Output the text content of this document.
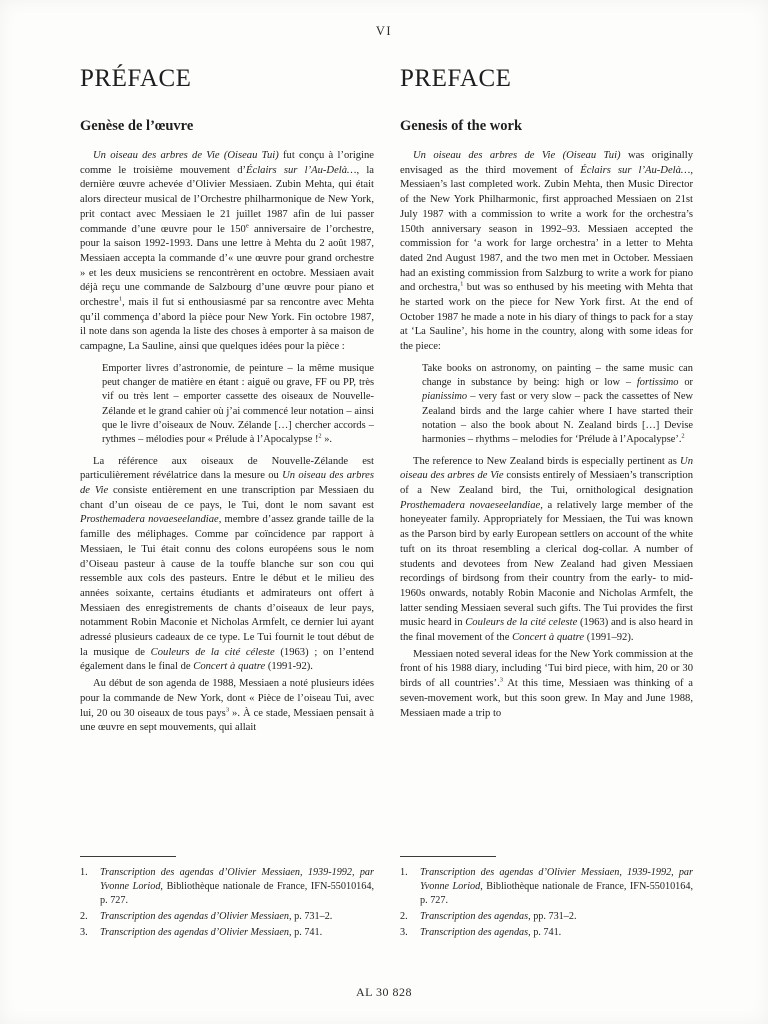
VI
PRÉFACE
Genèse de l’œuvre

Un oiseau des arbres de Vie (Oiseau Tui) fut conçu à l’origine comme le troisième mouvement d’Éclairs sur l’Au-Delà…, la dernière œuvre achevée d’Olivier Messiaen. Zubin Mehta, qui était alors directeur musical de l’Orchestre philharmonique de New York, prit contact avec Messiaen le 21 juillet 1987 afin de lui passer commande d’une œuvre pour le 150e anniversaire de l’orchestre, pour la saison 1992-1993. Dans une lettre à Mehta du 2 août 1987, Messiaen accepta la commande d’« une œuvre pour grand orchestre » et les deux musiciens se rencontrèrent en octobre. Messiaen avait déjà reçu une commande de Salzbourg d’une œuvre pour piano et orchestre$^1$, mais il fut si enthousiasmé par sa rencontre avec Mehta qu’il commença d’abord la pièce pour New York. Fin octobre 1987, il note dans son agenda la liste des choses à emporter à sa maison de campagne, La Sauline, ainsi que quelques idées pour la pièce :

Emporter livres d’astronomie, de peinture – la même musique peut changer de matière en étant : aiguë ou grave, FF ou PP, très vif ou très lent – emporter cassette des oiseaux de Nouvelle-Zélande et le grand cahier où j’ai commencé leur notation – ainsi que le livre d’oiseaux de Nouv. Zélande […] chercher accords – rythmes – mélodies pour « Prélude à l’Apocalypse !$^2$ ».

La référence aux oiseaux de Nouvelle-Zélande est particulièrement révélatrice dans la mesure ou Un oiseau des arbres de Vie consiste entièrement en une transcription par Messiaen du chant d’un oiseau de ce pays, le Tui, dont le nom savant est Prosthemadera novaeseelandiae, membre d’assez grande taille de la famille des méliphages. Comme par coïncidence par rapport à Messiaen, le Tui était connu des colons européens sous le nom d’Oiseau pasteur à cause de la touffe blanche sur son cou qui ressemble aux cols des pasteurs. Entre le début et le milieu des années soixante, certains étudiants et admirateurs ont offert à Messiaen des enregistrements de chants d’oiseaux de leur pays, notamment Robin Maconie et Nicholas Armfelt, ce dernier lui ayant adressé plusieurs cadeaux de ce type. Le Tui fournit le tout début de la musique de Couleurs de la cité céleste (1963) ; on l’entend également dans le final de Concert à quatre (1991-92).

Au début de son agenda de 1988, Messiaen a noté plusieurs idées pour la commande de New York, dont « Pièce de l’oiseau Tui, avec lui, 20 ou 30 oiseaux de tous pays$^3$ ». À ce stade, Messiaen pensait à une œuvre en sept mouvements, qui allait

1.	Transcription des agendas d’Olivier Messiaen, 1939-1992, par Yvonne Loriod, Bibliothèque nationale de France, IFN-55010164, p. 727.
2.	Transcription des agendas d’Olivier Messiaen, p. 731–2.
3.	Transcription des agendas d’Olivier Messiaen, p. 741.
PREFACE
Genesis of the work

Un oiseau des arbres de Vie (Oiseau Tui) was originally envisaged as the third movement of Éclairs sur l’Au-Delà…, Messiaen’s last completed work. Zubin Mehta, then Music Director of the New York Philharmonic, first approached Messiaen on 21st July 1987 with a commission to write a work for the orchestra’s 150th anniversary season in 1992–93. Messiaen accepted the commission for ‘a work for large orchestra’ in a letter to Mehta dated 2nd August 1987, and the two men met in October. Messiaen had an existing commission from Salzburg to write a work for piano and orchestra,$^1$ but was so enthused by his meeting with Mehta that he started work on the piece for New York first. At the end of October 1987 he made a note in his diary of things to pack for a stay at ‘La Sauline’, his home in the country, along with some ideas for the piece:

Take books on astronomy, on painting – the same music can change in substance by being: high or low – fortissimo or pianissimo – very fast or very slow – pack the cassettes of New Zealand birds and the large cahier where I have started their notation – also the book about N. Zealand birds […] Devise harmonies – rhythms – melodies for ‘Prélude à l’Apocalypse’.$^2$

The reference to New Zealand birds is especially pertinent as Un oiseau des arbres de Vie consists entirely of Messiaen’s transcription of a New Zealand bird, the Tui, ornithological designation Prosthemadera novaeseelandiae, a relatively large member of the honeyeater family. Appropriately for Messiaen, the Tui was known as the Parson bird by early European settlers on account of the white tuft on its throat resembling a clerical dog-collar. A number of students and devotees from New Zealand had given Messiaen recordings of birdsong from their country from the early- to mid-1960s onwards, notably Robin Maconie and Nicholas Armfelt, the latter sending Messiaen several such gifts. The Tui provides the first music heard in Couleurs de la cité celeste (1963) and is also heard in the final movement of the Concert à quatre (1991–92).

Messiaen noted several ideas for the New York commission at the front of his 1988 diary, including ‘Tui bird piece, with him, 20 or 30 birds of all countries’.$^3$ At this time, Messiaen was thinking of a seven-movement work, but this soon grew. In May and June 1988, Messiaen made a trip to

1.	Transcription des agendas d’Olivier Messiaen, 1939-1992, par Yvonne Loriod, Bibliothèque nationale de France, IFN-55010164, p. 727.
2.	Transcription des agendas, pp. 731–2.
3.	Transcription des agendas, p. 741.
AL 30 828
